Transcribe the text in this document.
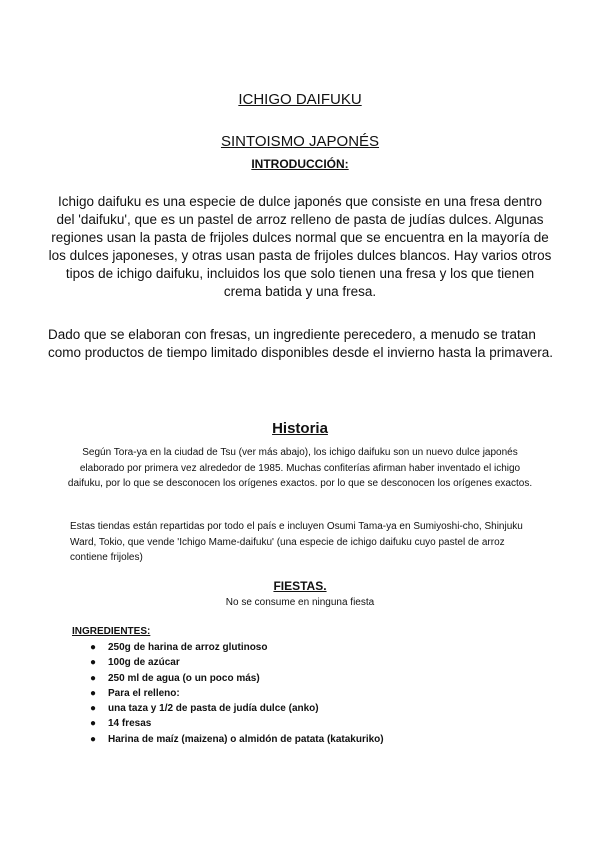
ICHIGO DAIFUKU
SINTOISMO JAPONÉS
INTRODUCCIÓN:

Ichigo daifuku es una especie de dulce japonés que consiste en una fresa dentro del 'daifuku', que es un pastel de arroz relleno de pasta de judías dulces. Algunas regiones usan la pasta de frijoles dulces normal que se encuentra en la mayoría de los dulces japoneses, y otras usan pasta de frijoles dulces blancos. Hay varios otros tipos de ichigo daifuku, incluidos los que solo tienen una fresa y los que tienen crema batida y una fresa.

Dado que se elaboran con fresas, un ingrediente perecedero, a menudo se tratan como productos de tiempo limitado disponibles desde el invierno hasta la primavera.

Historia

Según Tora-ya en la ciudad de Tsu (ver más abajo), los ichigo daifuku son un nuevo dulce japonés elaborado por primera vez alrededor de 1985. Muchas confiterías afirman haber inventado el ichigo daifuku, por lo que se desconocen los orígenes exactos. por lo que se desconocen los orígenes exactos.

Estas tiendas están repartidas por todo el país e incluyen Osumi Tama-ya en Sumiyoshi-cho, Shinjuku Ward, Tokio, que vende 'Ichigo Mame-daifuku' (una especie de ichigo daifuku cuyo pastel de arroz contiene frijoles)

FIESTAS.

No se consume en ninguna fiesta

INGREDIENTES:
● 250g de harina de arroz glutinoso
● 100g de azúcar
● 250 ml de agua (o un poco más)
● Para el relleno:
● una taza y 1/2 de pasta de judía dulce (anko)
● 14 fresas
● Harina de maíz (maizena) o almidón de patata (katakuriko)
